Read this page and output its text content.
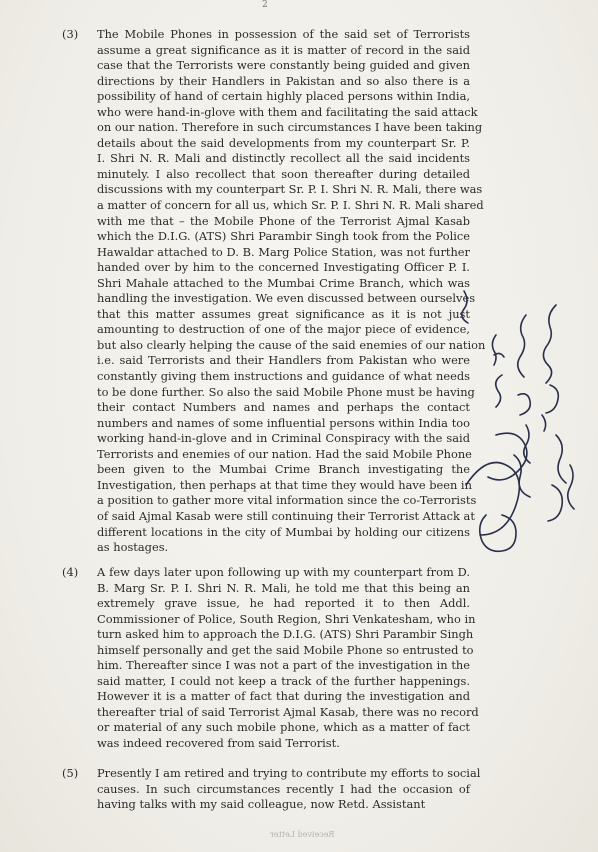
2
(3)	The Mobile Phones in possession of the said set of Terrorists
assume a great significance as it is matter of record in the said
case that the Terrorists were constantly being guided and given
directions by their Handlers in Pakistan and so also there is a
possibility of hand of certain highly placed persons within India,
who were hand-in-glove with them and facilitating the said attack
on our nation. Therefore in such circumstances I have been taking
details about the said developments from my counterpart Sr. P.
I. Shri N. R. Mali and distinctly recollect all the said incidents
minutely. I also recollect that soon thereafter during detailed
discussions with my counterpart Sr. P. I. Shri N. R. Mali, there was
a matter of concern for all us, which Sr. P. I. Shri N. R. Mali shared
with me that – the Mobile Phone of the Terrorist Ajmal Kasab
which the D.I.G. (ATS) Shri Parambir Singh took from the Police
Hawaldar attached to D. B. Marg Police Station, was not further
handed over by him to the concerned Investigating Officer P. I.
Shri Mahale attached to the Mumbai Crime Branch, which was
handling the investigation. We even discussed between ourselves
that this matter assumes great significance as it is not just
amounting to destruction of one of the major piece of evidence,
but also clearly helping the cause of the said enemies of our nation
i.e. said Terrorists and their Handlers from Pakistan who were
constantly giving them instructions and guidance of what needs
to be done further. So also the said Mobile Phone must be having
their contact Numbers and names and perhaps the contact
numbers and names of some influential persons within India too
working hand-in-glove and in Criminal Conspiracy with the said
Terrorists and enemies of our nation. Had the said Mobile Phone
been given to the Mumbai Crime Branch investigating the
Investigation, then perhaps at that time they would have been in
a position to gather more vital information since the co-Terrorists
of said Ajmal Kasab were still continuing their Terrorist Attack at
different locations in the city of Mumbai by holding our citizens
as hostages.
(4)	A few days later upon following up with my counterpart from D.
B. Marg Sr. P. I. Shri N. R. Mali, he told me that this being an
extremely grave issue, he had reported it to then Addl.
Commissioner of Police, South Region, Shri Venkatesham, who in
turn asked him to approach the D.I.G. (ATS) Shri Parambir Singh
himself personally and get the said Mobile Phone so entrusted to
him. Thereafter since I was not a part of the investigation in the
said matter, I could not keep a track of the further happenings.
However it is a matter of fact that during the investigation and
thereafter trial of said Terrorist Ajmal Kasab, there was no record
or material of any such mobile phone, which as a matter of fact
was indeed recovered from said Terrorist.
(5)	Presently I am retired and trying to contribute my efforts to social
causes. In such circumstances recently I had the occasion of
having talks with my said colleague, now Retd. Assistant
Received Letter
